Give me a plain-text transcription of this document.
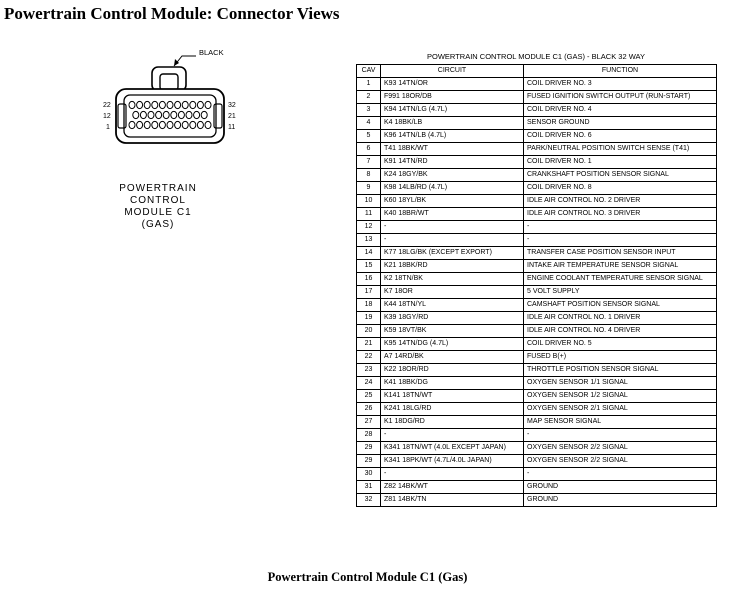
Powertrain Control Module: Connector Views
22
12
1
32
21
11
BLACK
POWERTRAIN
CONTROL
MODULE C1
(GAS)
POWERTRAIN CONTROL MODULE C1 (GAS) - BLACK 32 WAY
CAV	CIRCUIT	FUNCTION
1	K93 14TN/OR	COIL DRIVER NO. 3
2	F991 18OR/DB	FUSED IGNITION SWITCH OUTPUT (RUN-START)
3	K94 14TN/LG (4.7L)	COIL DRIVER NO. 4
4	K4 18BK/LB	SENSOR GROUND
5	K96 14TN/LB (4.7L)	COIL DRIVER NO. 6
6	T41 18BK/WT	PARK/NEUTRAL POSITION SWITCH SENSE (T41)
7	K91 14TN/RD	COIL DRIVER NO. 1
8	K24 18GY/BK	CRANKSHAFT POSITION SENSOR SIGNAL
9	K98 14LB/RD (4.7L)	COIL DRIVER NO. 8
10	K60 18YL/BK	IDLE AIR CONTROL NO. 2 DRIVER
11	K40 18BR/WT	IDLE AIR CONTROL NO. 3 DRIVER
12	-	-
13	-	-
14	K77 18LG/BK (EXCEPT EXPORT)	TRANSFER CASE POSITION SENSOR INPUT
15	K21 18BK/RD	INTAKE AIR TEMPERATURE SENSOR SIGNAL
16	K2 18TN/BK	ENGINE COOLANT TEMPERATURE SENSOR SIGNAL
17	K7 18OR	5 VOLT SUPPLY
18	K44 18TN/YL	CAMSHAFT POSITION SENSOR SIGNAL
19	K39 18GY/RD	IDLE AIR CONTROL NO. 1 DRIVER
20	K59 18VT/BK	IDLE AIR CONTROL NO. 4 DRIVER
21	K95 14TN/DG (4.7L)	COIL DRIVER NO. 5
22	A7 14RD/BK	FUSED B(+)
23	K22 18OR/RD	THROTTLE POSITION SENSOR SIGNAL
24	K41 18BK/DG	OXYGEN SENSOR 1/1 SIGNAL
25	K141 18TN/WT	OXYGEN SENSOR 1/2 SIGNAL
26	K241 18LG/RD	OXYGEN SENSOR 2/1 SIGNAL
27	K1 18DG/RD	MAP SENSOR SIGNAL
28	-	-
29	K341 18TN/WT (4.0L EXCEPT JAPAN)	OXYGEN SENSOR 2/2 SIGNAL
29	K341 18PK/WT (4.7L/4.0L JAPAN)	OXYGEN SENSOR 2/2 SIGNAL
30	-	-
31	Z82 14BK/WT	GROUND
32	Z81 14BK/TN	GROUND
Powertrain Control Module C1 (Gas)
